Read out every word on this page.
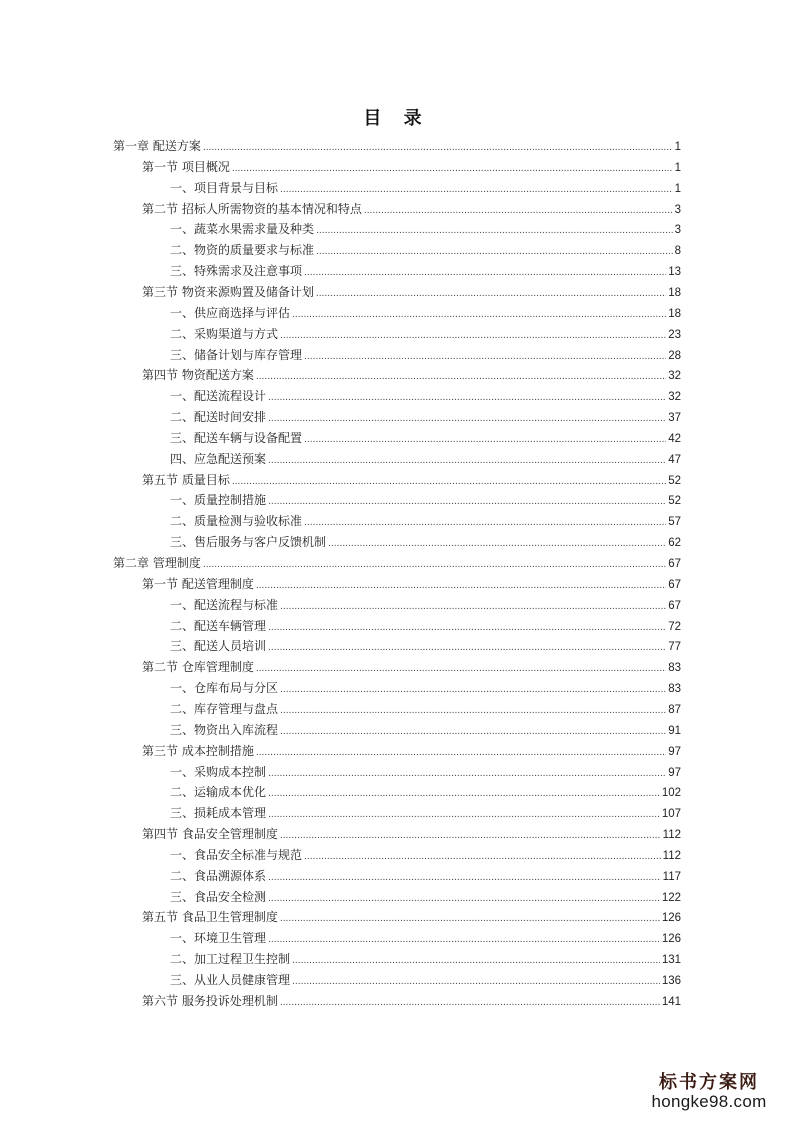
目 录
第一章 配送方案 .....	1
第一节 项目概况 .....	1
一、项目背景与目标 .....	1
第二节 招标人所需物资的基本情况和特点 .....	3
一、蔬菜水果需求量及种类 .....	3
二、物资的质量要求与标准 .....	8
三、特殊需求及注意事项 .....	13
第三节 物资来源购置及储备计划 .....	18
一、供应商选择与评估 .....	18
二、采购渠道与方式 .....	23
三、储备计划与库存管理 .....	28
第四节 物资配送方案 .....	32
一、配送流程设计 .....	32
二、配送时间安排 .....	37
三、配送车辆与设备配置 .....	42
四、应急配送预案 .....	47
第五节 质量目标 .....	52
一、质量控制措施 .....	52
二、质量检测与验收标准 .....	57
三、售后服务与客户反馈机制 .....	62
第二章 管理制度 .....	67
第一节 配送管理制度 .....	67
一、配送流程与标准 .....	67
二、配送车辆管理 .....	72
三、配送人员培训 .....	77
第二节 仓库管理制度 .....	83
一、仓库布局与分区 .....	83
二、库存管理与盘点 .....	87
三、物资出入库流程 .....	91
第三节 成本控制措施 .....	97
一、采购成本控制 .....	97
二、运输成本优化 .....	102
三、损耗成本管理 .....	107
第四节 食品安全管理制度 .....	112
一、食品安全标准与规范 .....	112
二、食品溯源体系 .....	117
三、食品安全检测 .....	122
第五节 食品卫生管理制度 .....	126
一、环境卫生管理 .....	126
二、加工过程卫生控制 .....	131
三、从业人员健康管理 .....	136
第六节 服务投诉处理机制 .....	141
标书方案网
hongke98.com
